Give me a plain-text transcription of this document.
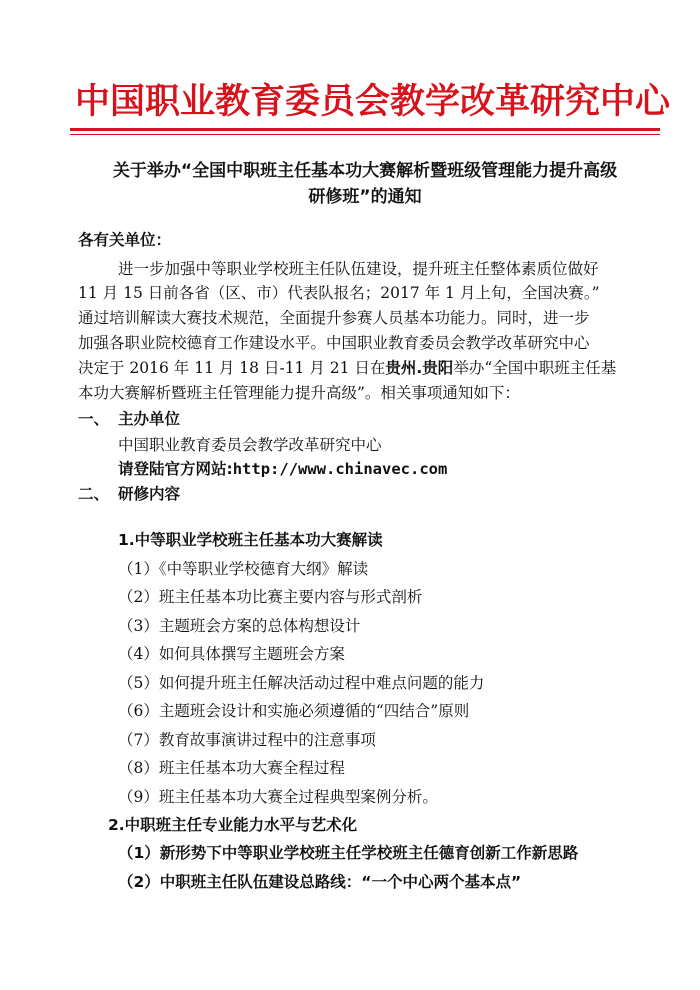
中国职业教育委员会教学改革研究中心
关于举办“全国中职班主任基本功大赛解析暨班级管理能力提升高级
研修班”的通知
各有关单位：
进一步加强中等职业学校班主任队伍建设，提升班主任整体素质位做好
11 月 15 日前各省（区、市）代表队报名；2017 年 1 月上旬，全国决赛。”
通过培训解读大赛技术规范，全面提升参赛人员基本功能力。同时，进一步
加强各职业院校德育工作建设水平。中国职业教育委员会教学改革研究中心
决定于 2016 年 11 月 18 日-11 月 21 日在贵州.贵阳举办“全国中职班主任基
本功大赛解析暨班主任管理能力提升高级”。相关事项通知如下：
一、 主办单位
中国职业教育委员会教学改革研究中心
请登陆官方网站:http://www.chinavec.com
二、 研修内容
1.中等职业学校班主任基本功大赛解读
（1）《中等职业学校德育大纲》解读
（2）班主任基本功比赛主要内容与形式剖析
（3）主题班会方案的总体构想设计
（4）如何具体撰写主题班会方案
（5）如何提升班主任解决活动过程中难点问题的能力
（6）主题班会设计和实施必须遵循的“四结合”原则
（7）教育故事演讲过程中的注意事项
（8）班主任基本功大赛全程过程
（9）班主任基本功大赛全过程典型案例分析。
2.中职班主任专业能力水平与艺术化
（1）新形势下中等职业学校班主任学校班主任德育创新工作新思路
（2）中职班主任队伍建设总路线：“一个中心两个基本点”
